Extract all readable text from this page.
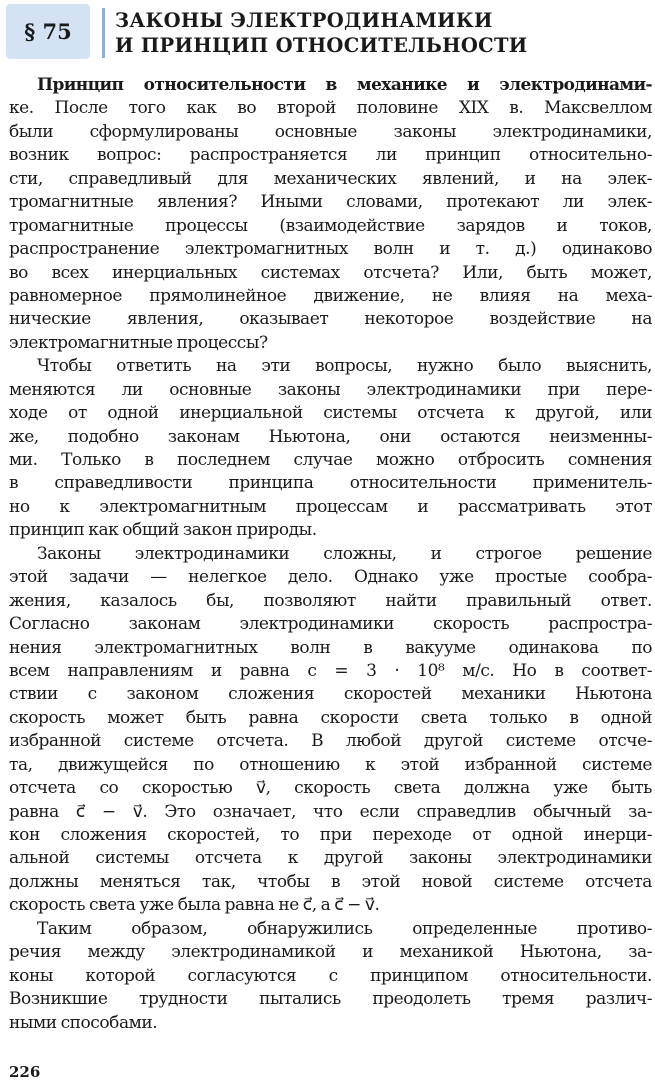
§ 75 ЗАКОНЫ ЭЛЕКТРОДИНАМИКИ
И ПРИНЦИП ОТНОСИТЕЛЬНОСТИ
Принцип относительности в механике и электродинами-
ке. После того как во второй половине XIX в. Максвеллом
были сформулированы основные законы электродинамики,
возник вопрос: распространяется ли принцип относительно-
сти, справедливый для механических явлений, и на элек-
тромагнитные явления? Иными словами, протекают ли элек-
тромагнитные процессы (взаимодействие зарядов и токов,
распространение электромагнитных волн и т. д.) одинаково
во всех инерциальных системах отсчета? Или, быть может,
равномерное прямолинейное движение, не влияя на меха-
нические явления, оказывает некоторое воздействие на
электромагнитные процессы?
Чтобы ответить на эти вопросы, нужно было выяснить,
меняются ли основные законы электродинамики при пере-
ходе от одной инерциальной системы отсчета к другой, или
же, подобно законам Ньютона, они остаются неизменны-
ми. Только в последнем случае можно отбросить сомнения
в справедливости принципа относительности применитель-
но к электромагнитным процессам и рассматривать этот
принцип как общий закон природы.
Законы электродинамики сложны, и строгое решение
этой задачи — нелегкое дело. Однако уже простые сообра-
жения, казалось бы, позволяют найти правильный ответ.
Согласно законам электродинамики скорость распростра-
нения электромагнитных волн в вакууме одинакова по
всем направлениям и равна c = 3 · 10⁸ м/с. Но в соответ-
ствии с законом сложения скоростей механики Ньютона
скорость может быть равна скорости света только в одной
избранной системе отсчета. В любой другой системе отсче-
та, движущейся по отношению к этой избранной системе
отсчета со скоростью v⃗, скорость света должна уже быть
равна c⃗ − v⃗. Это означает, что если справедлив обычный за-
кон сложения скоростей, то при переходе от одной инерци-
альной системы отсчета к другой законы электродинамики
должны меняться так, чтобы в этой новой системе отсчета
скорость света уже была равна не c⃗, а c⃗ − v⃗.
Таким образом, обнаружились определенные противо-
речия между электродинамикой и механикой Ньютона, за-
коны которой согласуются с принципом относительности.
Возникшие трудности пытались преодолеть тремя различ-
ными способами.
226
